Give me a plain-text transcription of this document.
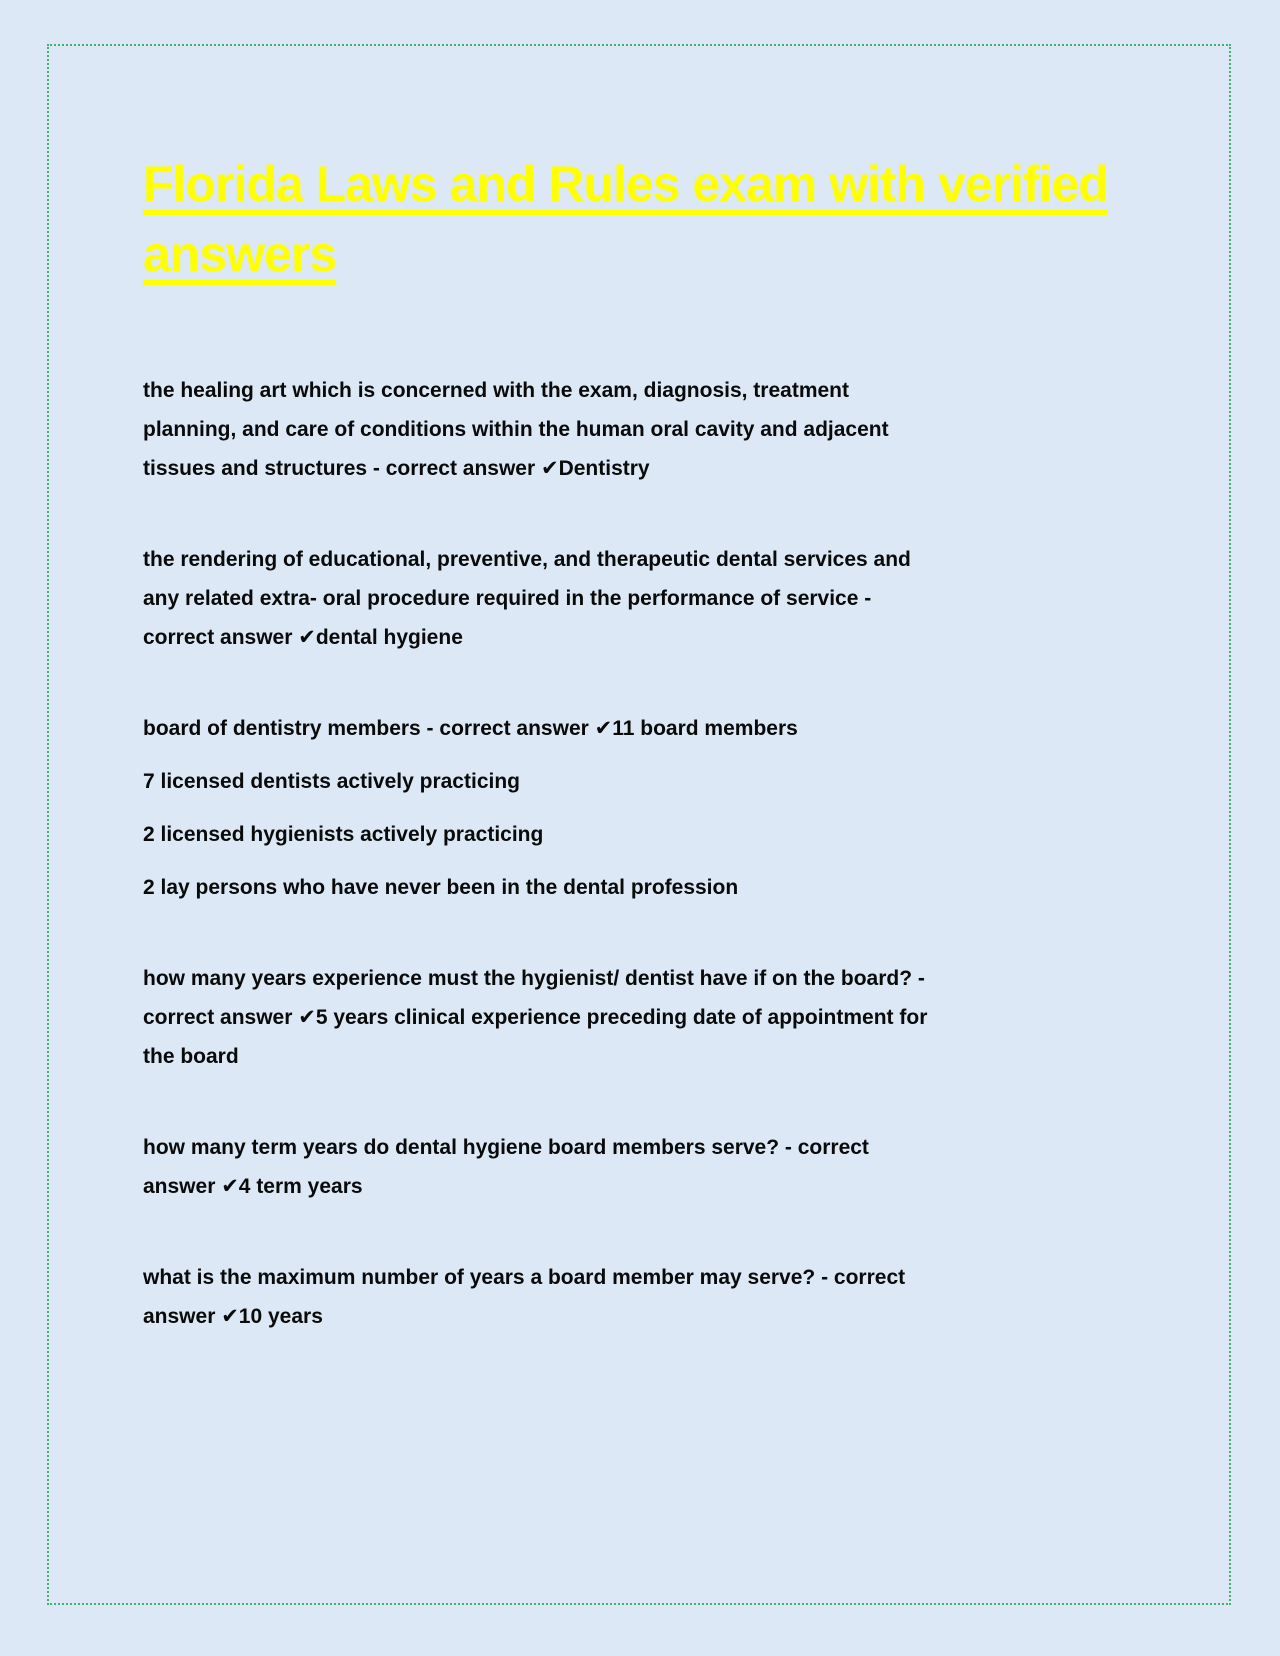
Florida Laws and Rules exam with verified answers

the healing art which is concerned with the exam, diagnosis, treatment planning, and care of conditions within the human oral cavity and adjacent tissues and structures - correct answer ✔Dentistry

the rendering of educational, preventive, and therapeutic dental services and any related extra- oral procedure required in the performance of service - correct answer ✔dental hygiene

board of dentistry members - correct answer ✔11 board members

7 licensed dentists actively practicing

2 licensed hygienists actively practicing

2 lay persons who have never been in the dental profession

how many years experience must the hygienist/ dentist have if on the board? - correct answer ✔5 years clinical experience preceding date of appointment for the board

how many term years do dental hygiene board members serve? - correct answer ✔4 term years

what is the maximum number of years a board member may serve? - correct answer ✔10 years
